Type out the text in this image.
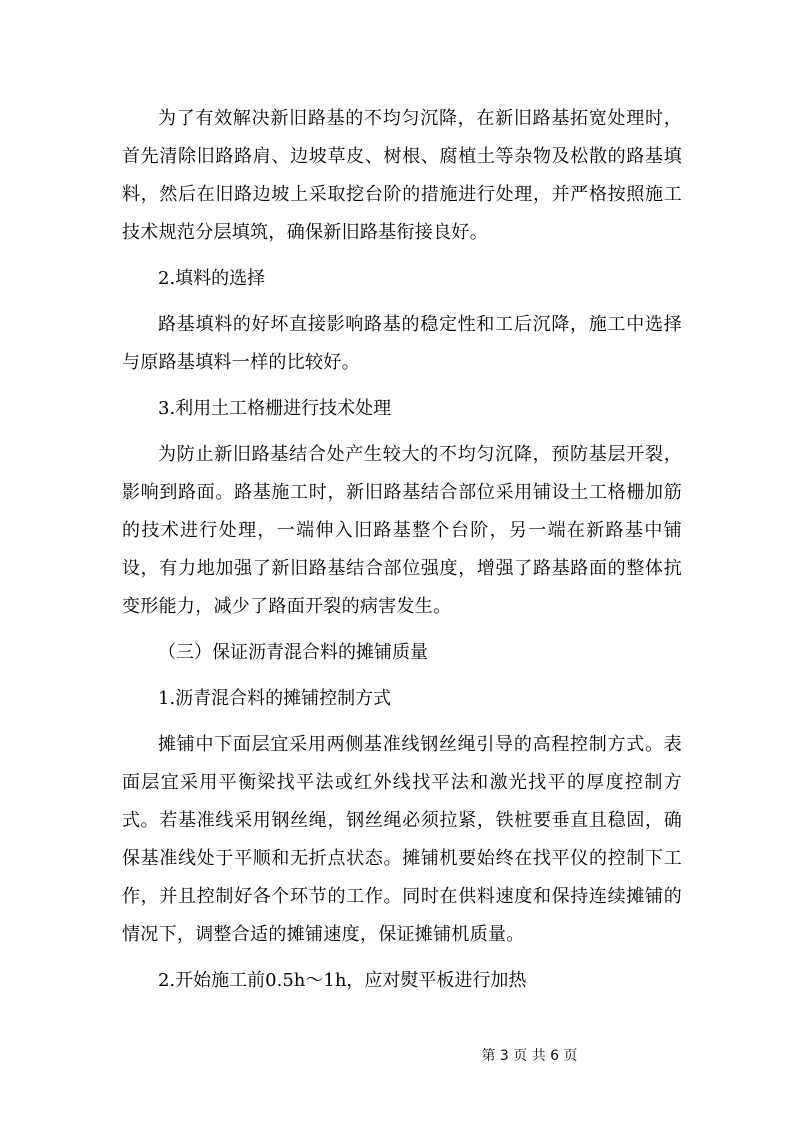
为了有效解决新旧路基的不均匀沉降，在新旧路基拓宽处理时，首先清除旧路路肩、边坡草皮、树根、腐植土等杂物及松散的路基填料，然后在旧路边坡上采取挖台阶的措施进行处理，并严格按照施工技术规范分层填筑，确保新旧路基衔接良好。

2.填料的选择

路基填料的好坏直接影响路基的稳定性和工后沉降，施工中选择与原路基填料一样的比较好。

3.利用土工格栅进行技术处理

为防止新旧路基结合处产生较大的不均匀沉降，预防基层开裂，影响到路面。路基施工时，新旧路基结合部位采用铺设土工格栅加筋的技术进行处理，一端伸入旧路基整个台阶，另一端在新路基中铺设，有力地加强了新旧路基结合部位强度，增强了路基路面的整体抗变形能力，减少了路面开裂的病害发生。

（三）保证沥青混合料的摊铺质量

1.沥青混合料的摊铺控制方式

摊铺中下面层宜采用两侧基准线钢丝绳引导的高程控制方式。表面层宜采用平衡梁找平法或红外线找平法和激光找平的厚度控制方式。若基准线采用钢丝绳，钢丝绳必须拉紧，铁桩要垂直且稳固，确保基准线处于平顺和无折点状态。摊铺机要始终在找平仪的控制下工作，并且控制好各个环节的工作。同时在供料速度和保持连续摊铺的情况下，调整合适的摊铺速度，保证摊铺机质量。

2.开始施工前0.5h～1h，应对熨平板进行加热

第 3 页 共 6 页
